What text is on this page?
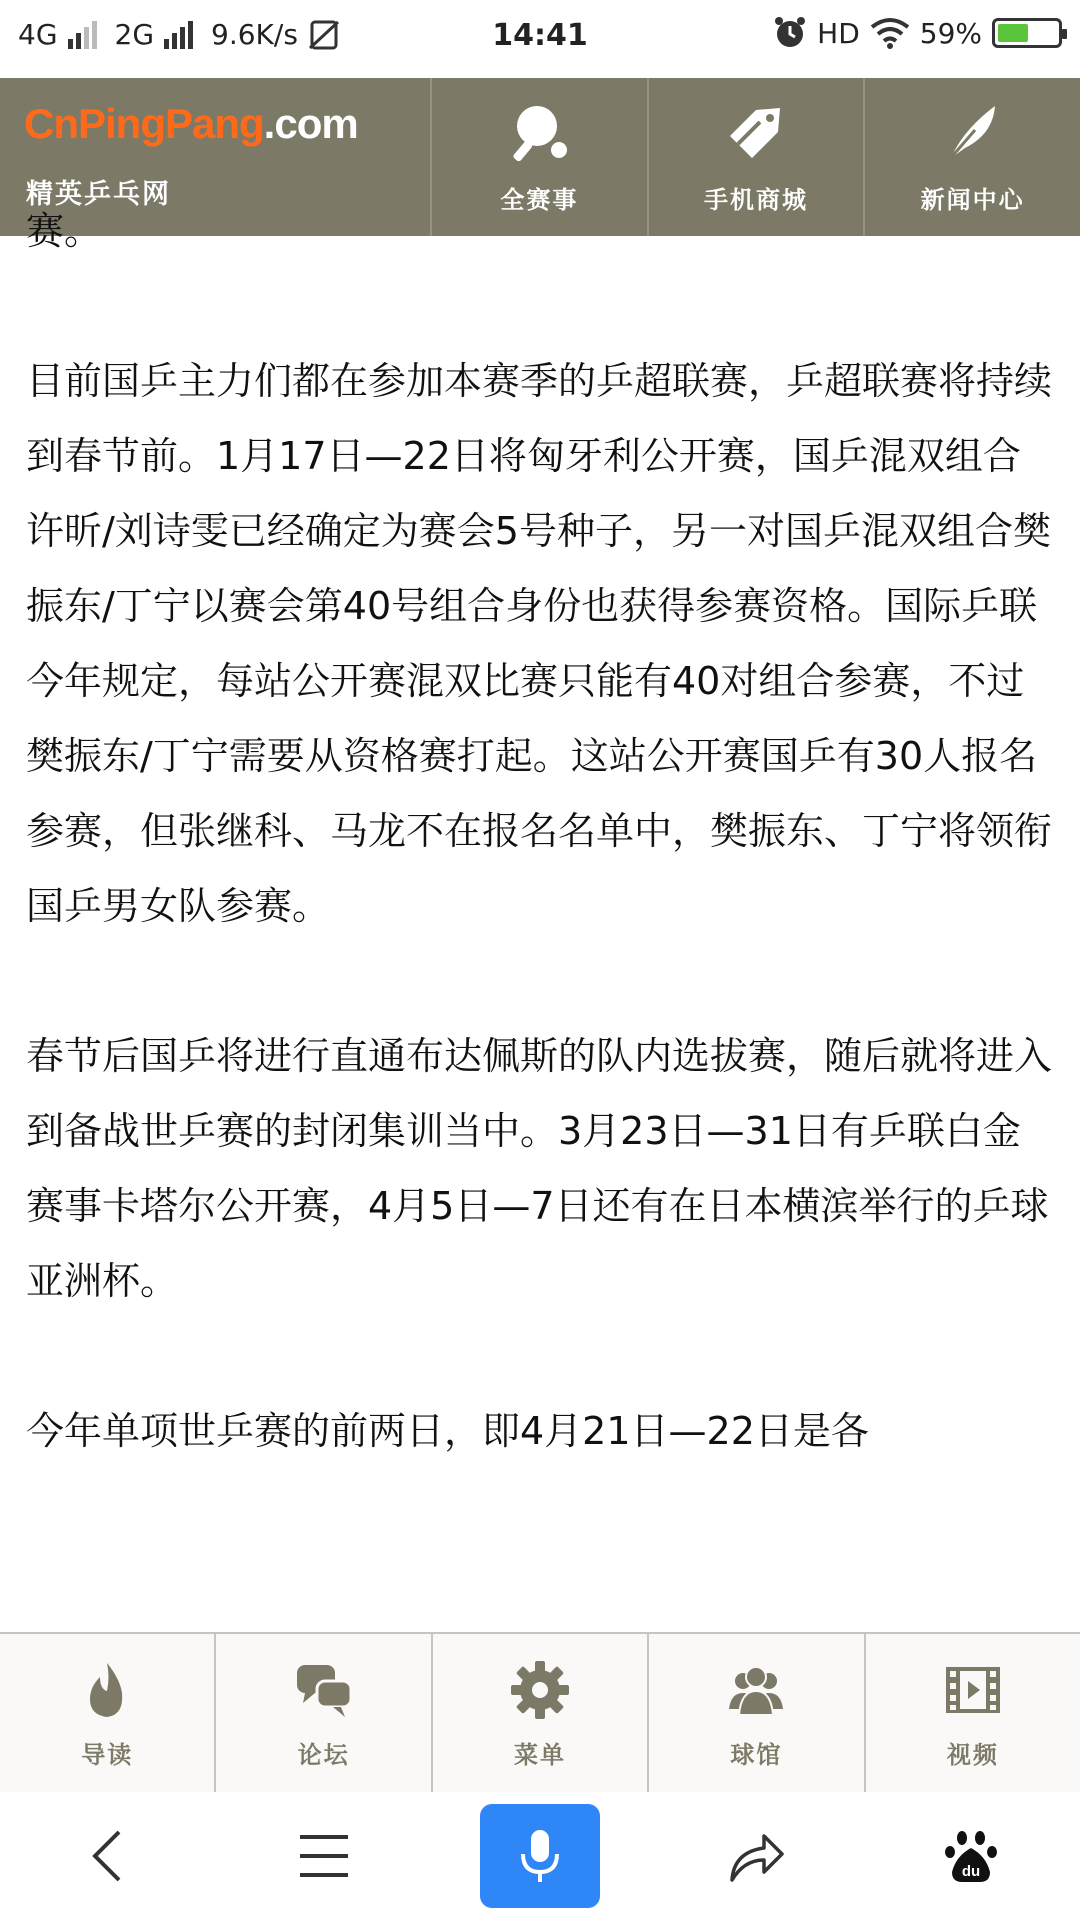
4G 2G 9.6K/s	14:41	HD 59%
CnPingPang.com
精英乒乓网	全赛事	手机商城	新闻中心

赛。

目前国乒主力们都在参加本赛季的乒超联赛，乒超联赛将持续到春节前。1月17日—22日将匈牙利公开赛，国乒混双组合许昕/刘诗雯已经确定为赛会5号种子，另一对国乒混双组合樊振东/丁宁以赛会第40号组合身份也获得参赛资格。国际乒联今年规定，每站公开赛混双比赛只能有40对组合参赛，不过樊振东/丁宁需要从资格赛打起。这站公开赛国乒有30人报名参赛，但张继科、马龙不在报名名单中，樊振东、丁宁将领衔国乒男女队参赛。

春节后国乒将进行直通布达佩斯的队内选拔赛，随后就将进入到备战世乒赛的封闭集训当中。3月23日—31日有乒联白金赛事卡塔尔公开赛，4月5日—7日还有在日本横滨举行的乒球亚洲杯。

今年单项世乒赛的前两日，即4月21日—22日是各

导读	论坛	菜单	球馆	视频
du
